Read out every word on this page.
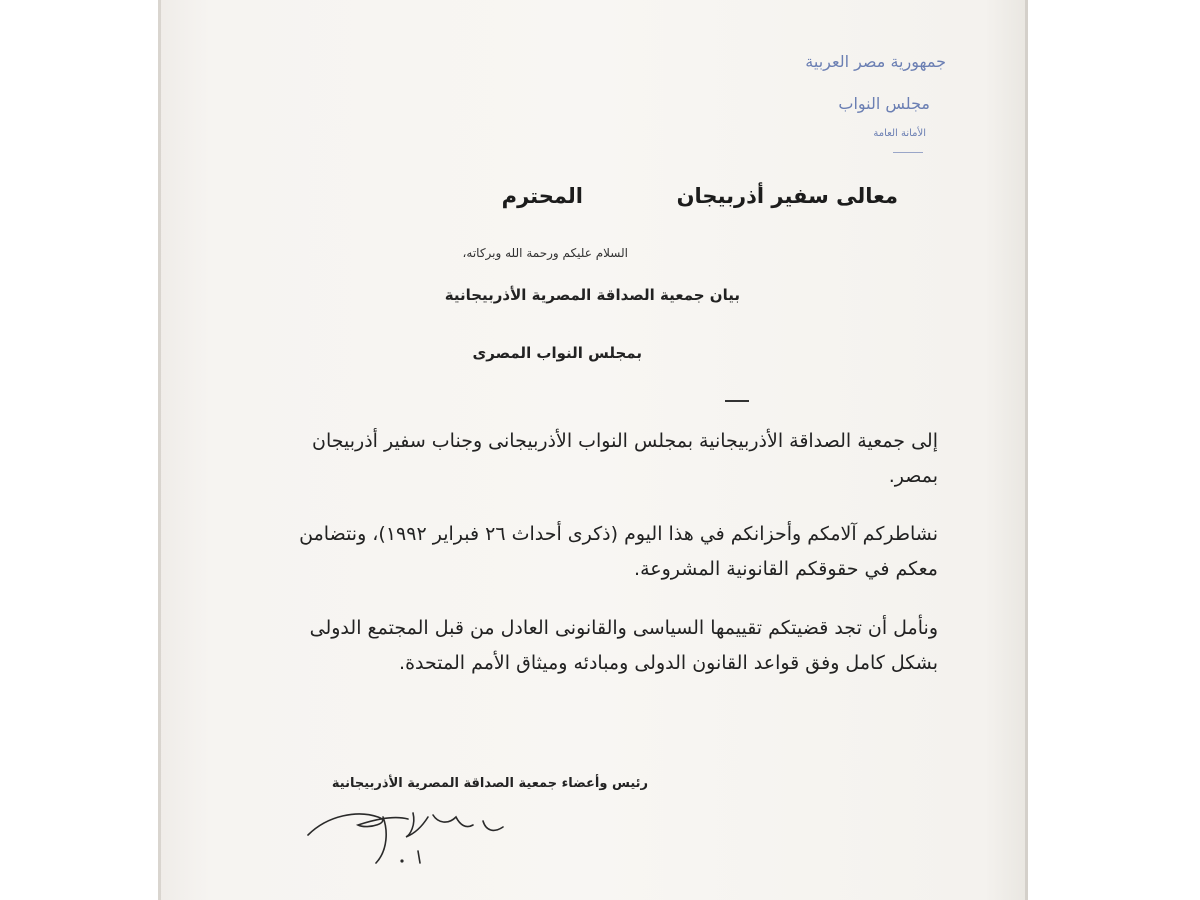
جمهورية مصر العربية
مجلس النواب
الأمانة العامة
معالى سفير أذربيجان
المحترم
السلام عليكم ورحمة الله وبركاته،
بيان جمعية الصداقة المصرية الأذربيجانية
بمجلس النواب المصرى
إلى جمعية الصداقة الأذربيجانية بمجلس النواب الأذربيجانى وجناب سفير أذربيجان بمصر.
نشاطركم آلامكم وأحزانكم في هذا اليوم (ذكرى أحداث ٢٦ فبراير ١٩٩٢)، ونتضامن معكم في حقوقكم القانونية المشروعة.
ونأمل أن تجد قضيتكم تقييمها السياسى والقانونى العادل من قبل المجتمع الدولى بشكل كامل وفق قواعد القانون الدولى ومبادئه وميثاق الأمم المتحدة.
رئيس وأعضاء جمعية الصداقة المصرية الأذربيجانية
